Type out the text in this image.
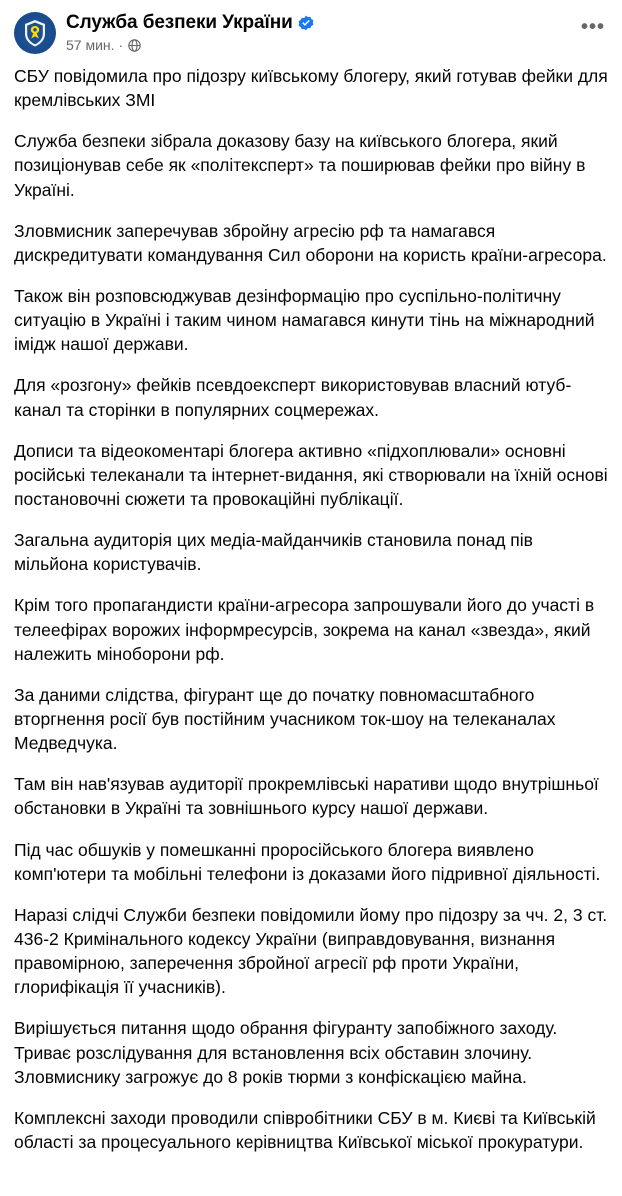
Служба безпеки України
57 мин. ·
•••

СБУ повідомила про підозру київському блогеру, який готував фейки для кремлівських ЗМІ

Служба безпеки зібрала доказову базу на київського блогера, який позиціонував себе як «політексперт» та поширював фейки про війну в Україні.

Зловмисник заперечував збройну агресію рф та намагався дискредитувати командування Сил оборони на користь країни-агресора.

Також він розповсюджував дезінформацію про суспільно-політичну ситуацію в Україні і таким чином намагався кинути тінь на міжнародний імідж нашої держави.

Для «розгону» фейків псевдоексперт використовував власний ютуб-канал та сторінки в популярних соцмережах.

Дописи та відеокоментарі блогера активно «підхоплювали» основні російські телеканали та інтернет-видання, які створювали на їхній основі постановочні сюжети та провокаційні публікації.

Загальна аудиторія цих медіа-майданчиків становила понад пів мільйона користувачів.

Крім того пропагандисти країни-агресора запрошували його до участі в телеефірах ворожих інформресурсів, зокрема на канал «звезда», який належить міноборони рф.

За даними слідства, фігурант ще до початку повномасштабного вторгнення росії був постійним учасником ток-шоу на телеканалах Медведчука.

Там він нав'язував аудиторії прокремлівські наративи щодо внутрішньої обстановки в Україні та зовнішнього курсу нашої держави.

Під час обшуків у помешканні проросійського блогера виявлено комп'ютери та мобільні телефони із доказами його підривної діяльності.

Наразі слідчі Служби безпеки повідомили йому про підозру за чч. 2, 3 ст. 436-2 Кримінального кодексу України (виправдовування, визнання правомірною, заперечення збройної агресії рф проти України, глорифікація її учасників).

Вирішується питання щодо обрання фігуранту запобіжного заходу. Триває розслідування для встановлення всіх обставин злочину. Зловмиснику загрожує до 8 років тюрми з конфіскацією майна.

Комплексні заходи проводили співробітники СБУ в м. Києві та Київській області за процесуального керівництва Київської міської прокуратури.
